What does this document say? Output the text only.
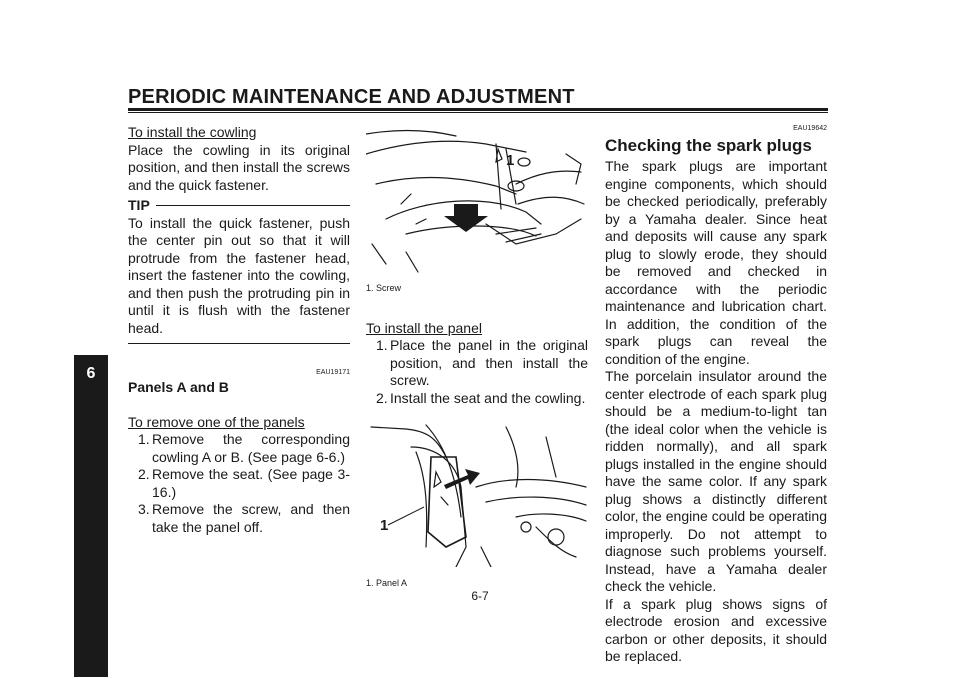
PERIODIC MAINTENANCE AND ADJUSTMENT
6
To install the cowling
Place the cowling in its original position, and then install the screws and the quick fastener.
TIP
To install the quick fastener, push the center pin out so that it will protrude from the fastener head, insert the fastener into the cowling, and then push the protruding pin in until it is flush with the fastener head.
EAU19171
Panels A and B
To remove one of the panels
1. Remove the corresponding cowling A or B. (See page 6-6.)
2. Remove the seat. (See page 3-16.)
3. Remove the screw, and then take the panel off.
1
1. Screw
To install the panel
1. Place the panel in the original position, and then install the screw.
2. Install the seat and the cowling.
1
1. Panel A
EAU19642
Checking the spark plugs
The spark plugs are important engine components, which should be checked periodically, preferably by a Yamaha dealer. Since heat and deposits will cause any spark plug to slowly erode, they should be removed and checked in accordance with the periodic maintenance and lubrication chart. In addition, the condition of the spark plugs can reveal the condition of the engine.
The porcelain insulator around the center electrode of each spark plug should be a medium-to-light tan (the ideal color when the vehicle is ridden normally), and all spark plugs installed in the engine should have the same color. If any spark plug shows a distinctly different color, the engine could be operating improperly. Do not attempt to diagnose such problems yourself. Instead, have a Yamaha dealer check the vehicle.
If a spark plug shows signs of electrode erosion and excessive carbon or other deposits, it should be replaced.
6-7
